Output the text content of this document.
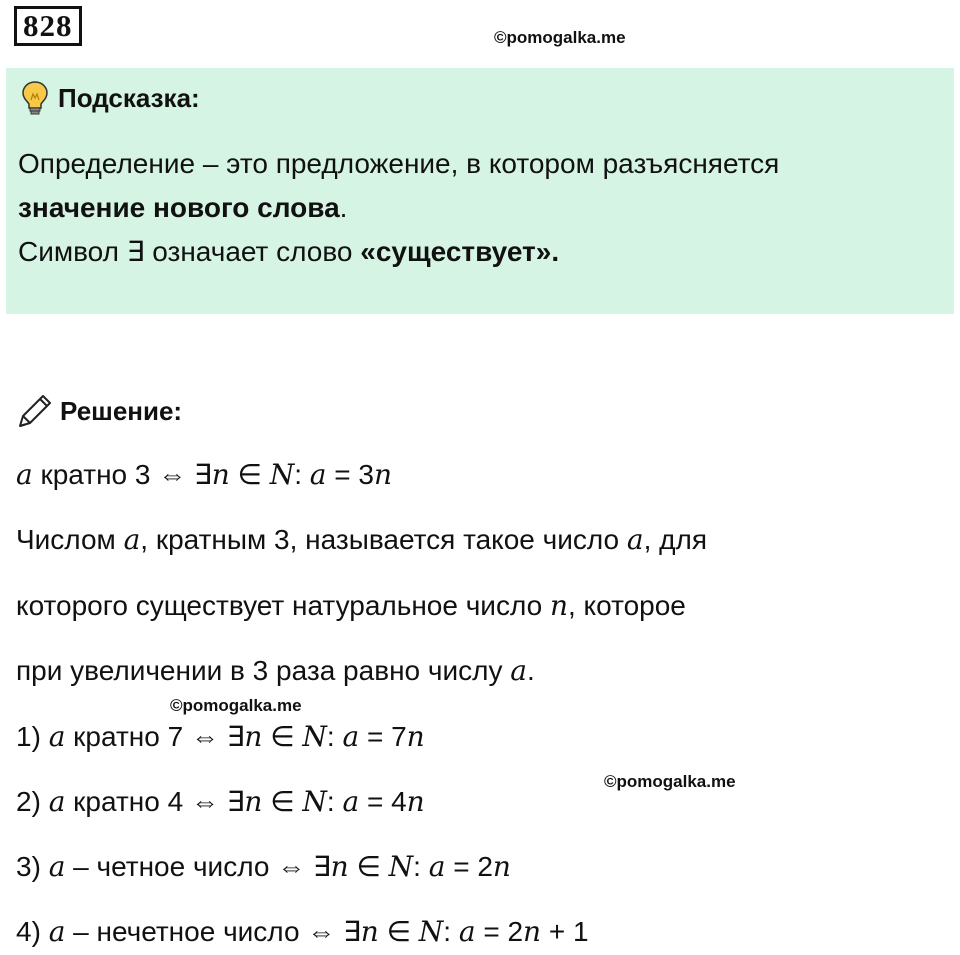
828	©pomogalka.me
Подсказка:
Определение – это предложение, в котором разъясняется
значение нового слова.
Символ ∃ означает слово «существует».
Решение:
a кратно 3 ⇔ ∃n ∈ N: a = 3n
Числом a, кратным 3, называется такое число a, для
которого существует натуральное число n, которое
при увеличении в 3 раза равно числу a.
©pomogalka.me
1) a кратно 7 ⇔ ∃n ∈ N: a = 7n
©pomogalka.me
2) a кратно 4 ⇔ ∃n ∈ N: a = 4n
3) a – четное число ⇔ ∃n ∈ N: a = 2n
4) a – нечетное число ⇔ ∃n ∈ N: a = 2n + 1
